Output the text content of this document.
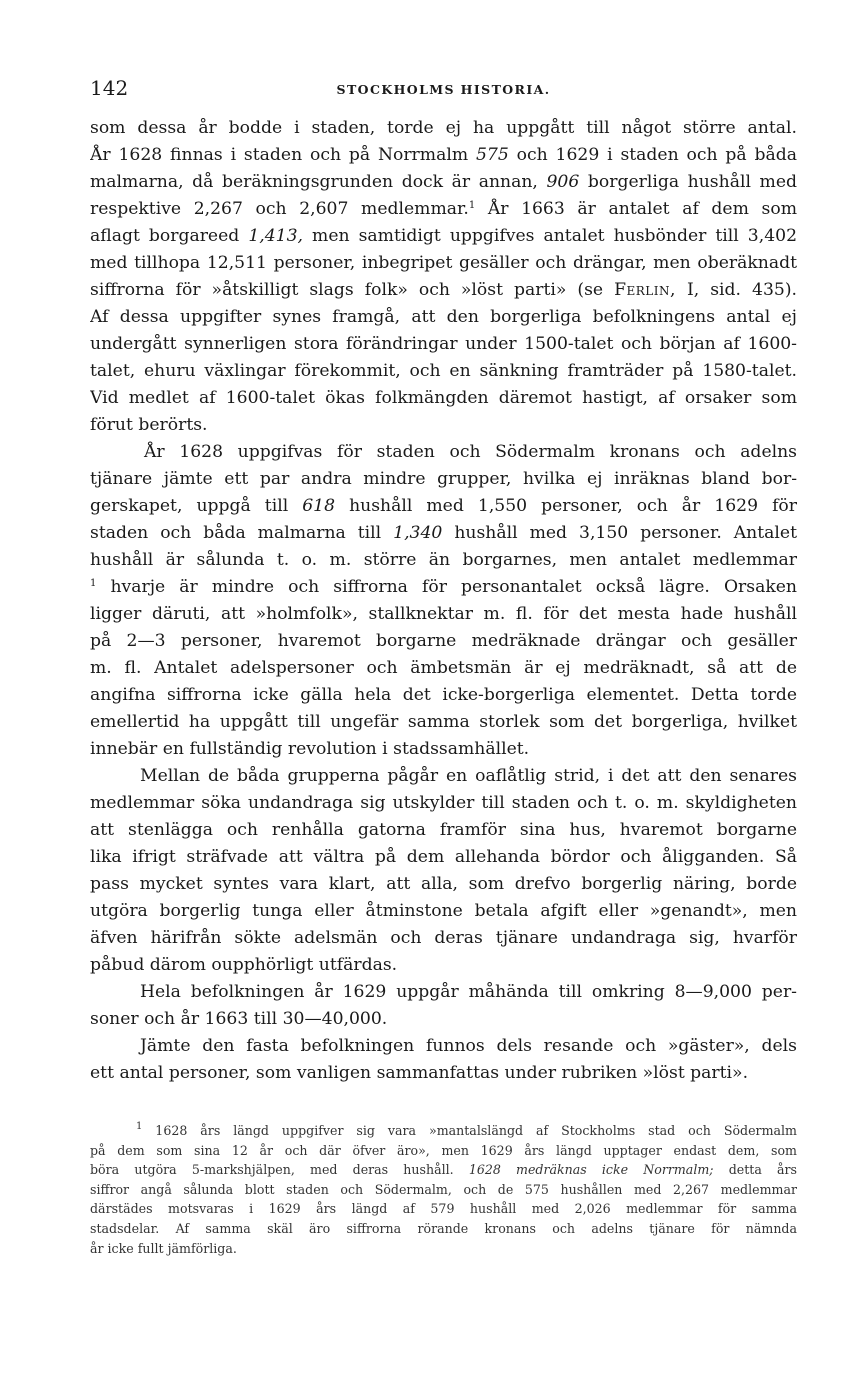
142	STOCKHOLMS HISTORIA.
som dessa år bodde i staden, torde ej ha uppgått till något större antal.
År 1628 finnas i staden och på Norrmalm 575 och 1629 i staden och på båda
malmarna, då beräkningsgrunden dock är annan, 906 borgerliga hushåll med
respektive 2,267 och 2,607 medlemmar.$^1$ År 1663 är antalet af dem som
aflagt borgareed 1,413, men samtidigt uppgifves antalet husbönder till 3,402
med tillhopa 12,511 personer, inbegripet gesäller och drängar, men oberäknadt
siffrorna för »åtskilligt slags folk» och »löst parti» (se Ferlin, I, sid. 435).
Af dessa uppgifter synes framgå, att den borgerliga befolkningens antal ej
undergått synnerligen stora förändringar under 1500-talet och början af 1600-
talet, ehuru växlingar förekommit, och en sänkning framträder på 1580-talet.
Vid medlet af 1600-talet ökas folkmängden däremot hastigt, af orsaker som
förut berörts.
År 1628 uppgifvas för staden och Södermalm kronans och adelns
tjänare jämte ett par andra mindre grupper, hvilka ej inräknas bland bor-
gerskapet, uppgå till 618 hushåll med 1,550 personer, och år 1629 för
staden och båda malmarna till 1,340 hushåll med 3,150 personer. Antalet
hushåll är sålunda t. o. m. större än borgarnes, men antalet medlemmar
$^1$ hvarje är mindre och siffrorna för personantalet också lägre. Orsaken
ligger däruti, att »holmfolk», stallknektar m. fl. för det mesta hade hushåll
på 2—3 personer, hvaremot borgarne medräknade drängar och gesäller
m. fl. Antalet adelspersoner och ämbetsmän är ej medräknadt, så att de
angifna siffrorna icke gälla hela det icke-borgerliga elementet. Detta torde
emellertid ha uppgått till ungefär samma storlek som det borgerliga, hvilket
innebär en fullständig revolution i stadssamhället.
Mellan de båda grupperna pågår en oaflåtlig strid, i det att den senares
medlemmar söka undandraga sig utskylder till staden och t. o. m. skyldigheten
att stenlägga och renhålla gatorna framför sina hus, hvaremot borgarne
lika ifrigt sträfvade att vältra på dem allehanda bördor och åligganden. Så
pass mycket syntes vara klart, att alla, som drefvo borgerlig näring, borde
utgöra borgerlig tunga eller åtminstone betala afgift eller »genandt», men
äfven härifrån sökte adelsmän och deras tjänare undandraga sig, hvarför
påbud därom oupphörligt utfärdas.
Hela befolkningen år 1629 uppgår måhända till omkring 8—9,000 per-
soner och år 1663 till 30—40,000.
Jämte den fasta befolkningen funnos dels resande och »gäster», dels
ett antal personer, som vanligen sammanfattas under rubriken »löst parti».
$^1$ 1628 års längd uppgifver sig vara »mantalslängd af Stockholms stad och Södermalm
på dem som sina 12 år och där öfver äro», men 1629 års längd upptager endast dem, som
böra utgöra 5-markshjälpen, med deras hushåll. 1628 medräknas icke Norrmalm; detta års
siffror angå sålunda blott staden och Södermalm, och de 575 hushållen med 2,267 medlemmar
därstädes motsvaras i 1629 års längd af 579 hushåll med 2,026 medlemmar för samma
stadsdelar. Af samma skäl äro siffrorna rörande kronans och adelns tjänare för nämnda
år icke fullt jämförliga.
